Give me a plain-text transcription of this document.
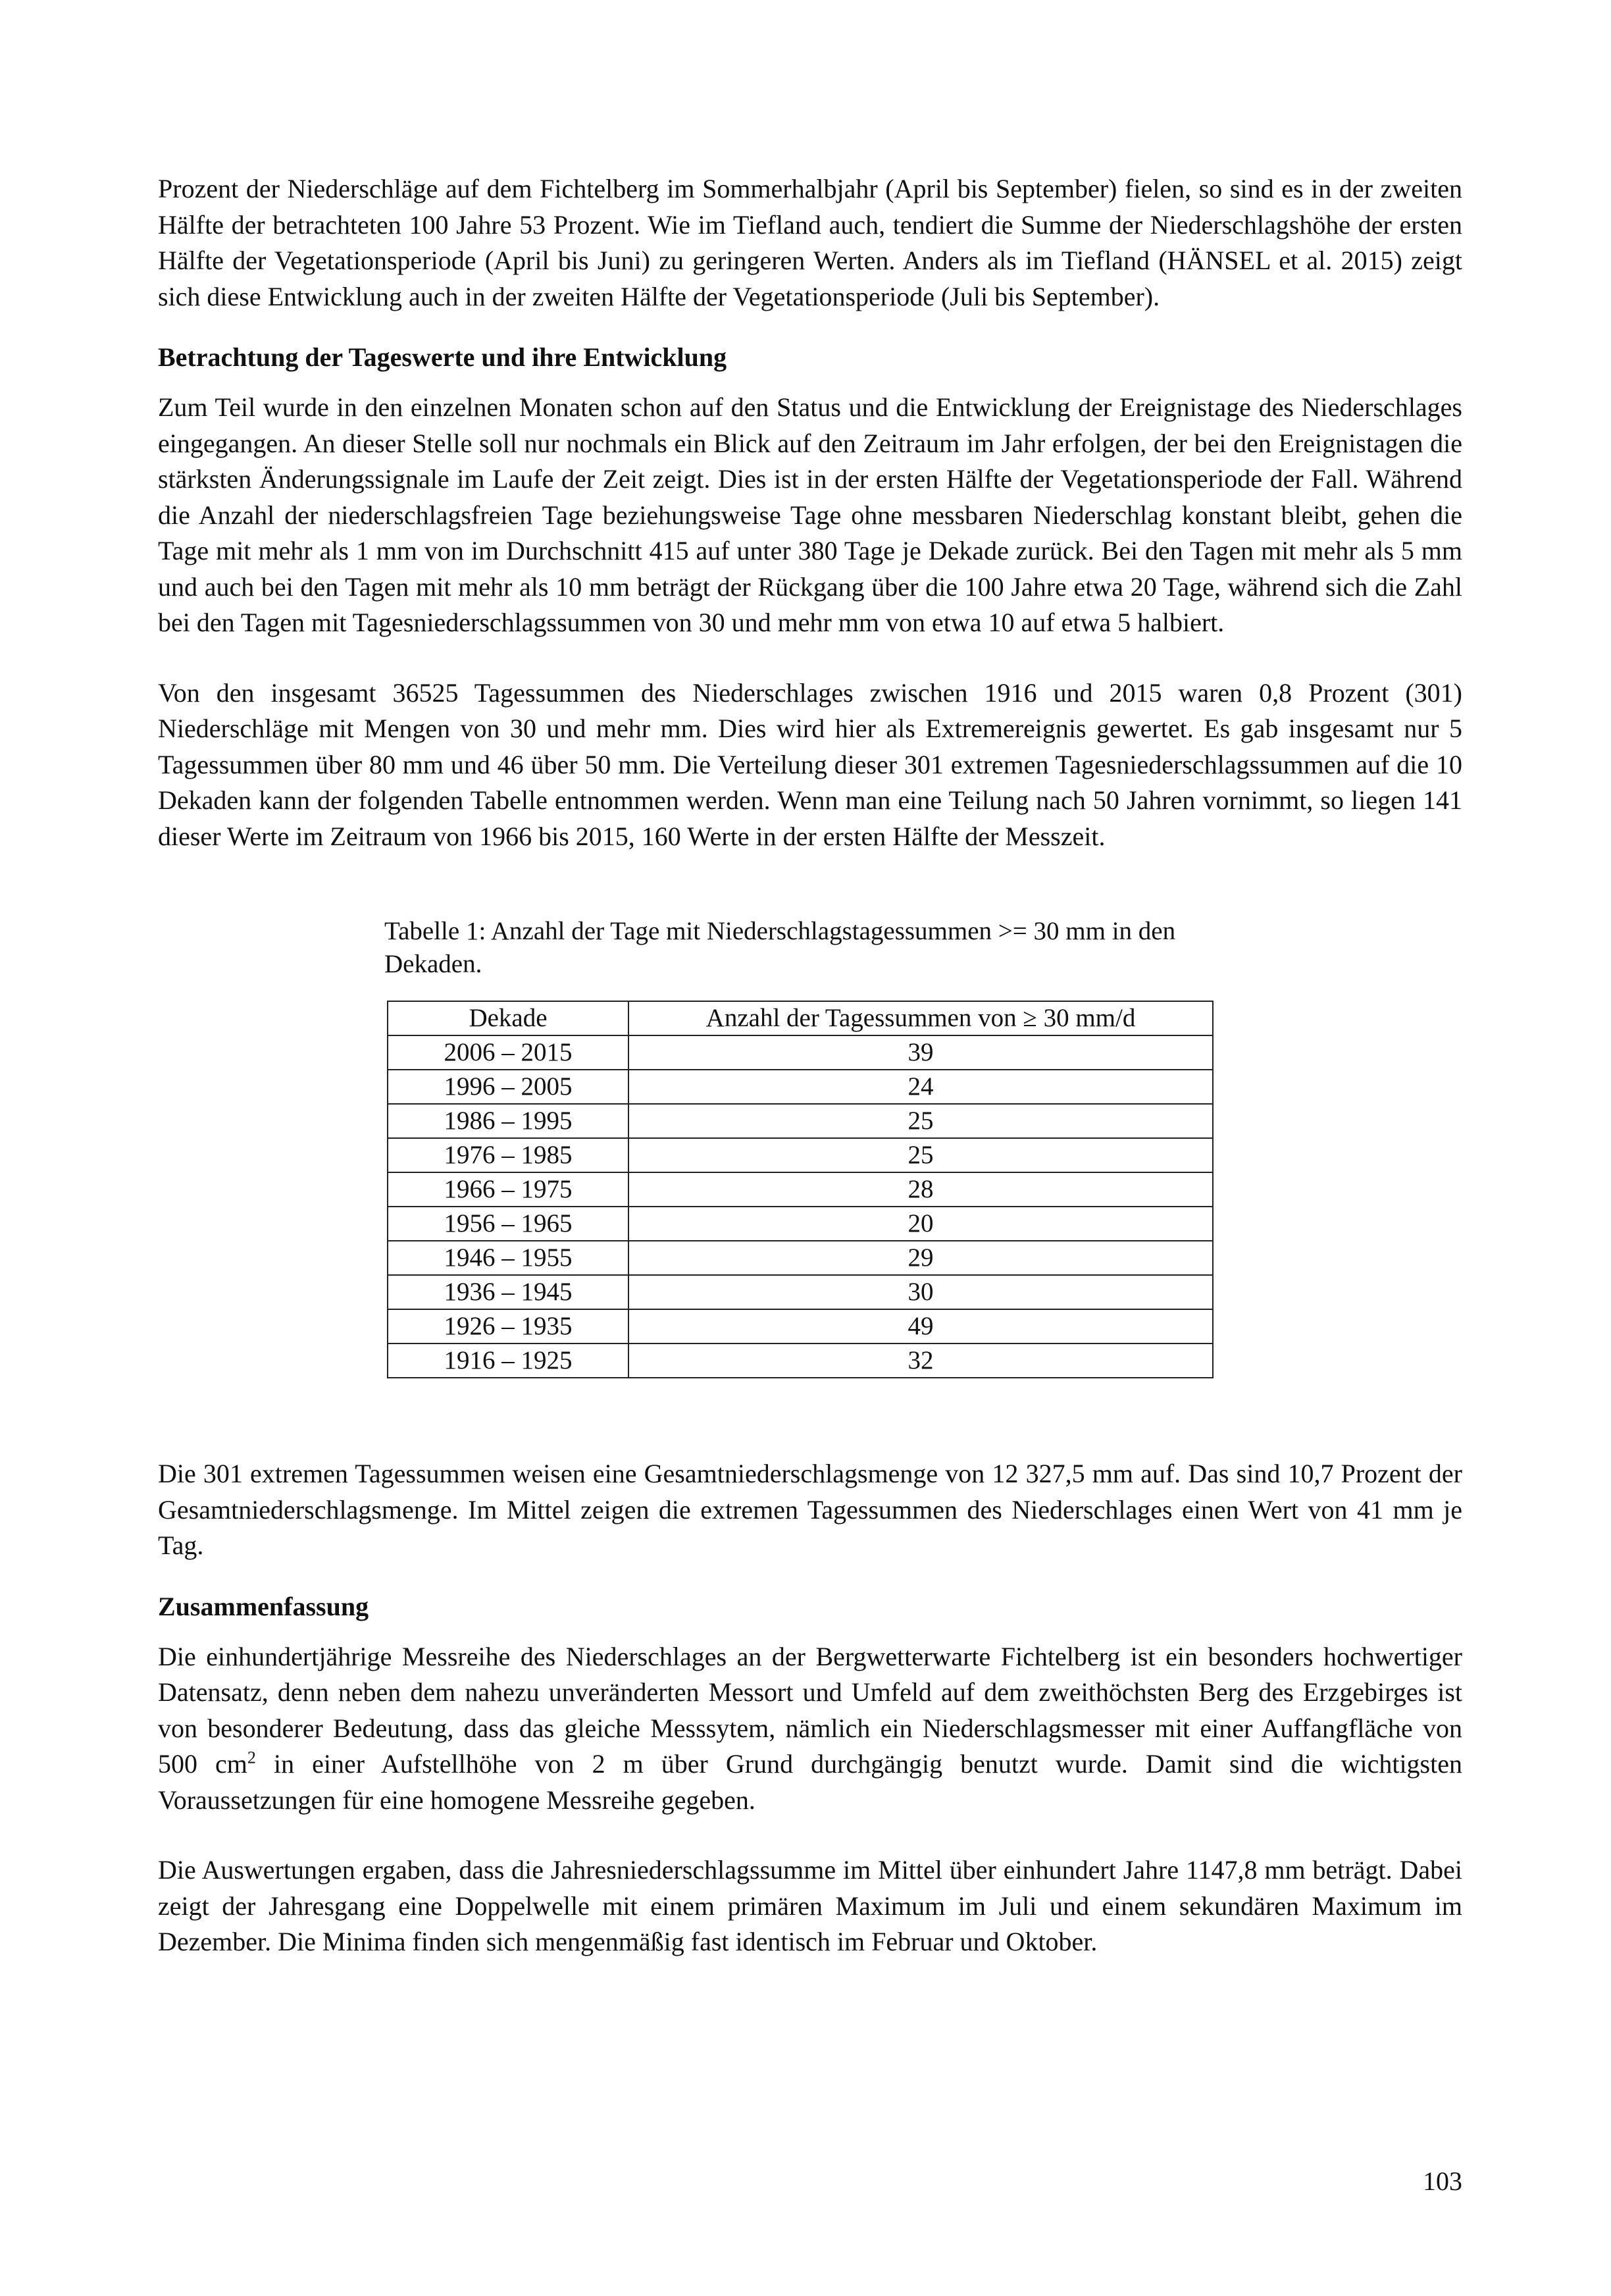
Prozent der Niederschläge auf dem Fichtelberg im Sommerhalbjahr (April bis September) fielen, so sind es in der zweiten Hälfte der betrachteten 100 Jahre 53 Prozent. Wie im Tiefland auch, tendiert die Summe der Niederschlagshöhe der ersten Hälfte der Vegetationsperiode (April bis Juni) zu geringeren Werten. Anders als im Tiefland (HÄNSEL et al. 2015) zeigt sich diese Entwicklung auch in der zweiten Hälfte der Vegetationsperiode (Juli bis September).

Betrachtung der Tageswerte und ihre Entwicklung

Zum Teil wurde in den einzelnen Monaten schon auf den Status und die Entwicklung der Ereignistage des Niederschlages eingegangen. An dieser Stelle soll nur nochmals ein Blick auf den Zeitraum im Jahr erfolgen, der bei den Ereignistagen die stärksten Änderungssignale im Laufe der Zeit zeigt. Dies ist in der ersten Hälfte der Vegetationsperiode der Fall. Während die Anzahl der niederschlagsfreien Tage beziehungsweise Tage ohne messbaren Niederschlag konstant bleibt, gehen die Tage mit mehr als 1 mm von im Durchschnitt 415 auf unter 380 Tage je Dekade zurück. Bei den Tagen mit mehr als 5 mm und auch bei den Tagen mit mehr als 10 mm beträgt der Rückgang über die 100 Jahre etwa 20 Tage, während sich die Zahl bei den Tagen mit Tagesniederschlagssummen von 30 und mehr mm von etwa 10 auf etwa 5 halbiert.

Von den insgesamt 36525 Tagessummen des Niederschlages zwischen 1916 und 2015 waren 0,8 Prozent (301) Niederschläge mit Mengen von 30 und mehr mm. Dies wird hier als Extremereignis gewertet. Es gab insgesamt nur 5 Tagessummen über 80 mm und 46 über 50 mm. Die Verteilung dieser 301 extremen Tagesniederschlagssummen auf die 10 Dekaden kann der folgenden Tabelle entnommen werden. Wenn man eine Teilung nach 50 Jahren vornimmt, so liegen 141 dieser Werte im Zeitraum von 1966 bis 2015, 160 Werte in der ersten Hälfte der Messzeit.

Tabelle 1: Anzahl der Tage mit Niederschlagstagessummen >= 30 mm in den Dekaden.
Dekade	Anzahl der Tagessummen von ≥ 30 mm/d
2006 – 2015	39
1996 – 2005	24
1986 – 1995	25
1976 – 1985	25
1966 – 1975	28
1956 – 1965	20
1946 – 1955	29
1936 – 1945	30
1926 – 1935	49
1916 – 1925	32

Die 301 extremen Tagessummen weisen eine Gesamtniederschlagsmenge von 12 327,5 mm auf. Das sind 10,7 Prozent der Gesamtniederschlagsmenge. Im Mittel zeigen die extremen Tagessummen des Niederschlages einen Wert von 41 mm je Tag.

Zusammenfassung

Die einhundertjährige Messreihe des Niederschlages an der Bergwetterwarte Fichtelberg ist ein besonders hochwertiger Datensatz, denn neben dem nahezu unveränderten Messort und Umfeld auf dem zweithöchsten Berg des Erzgebirges ist von besonderer Bedeutung, dass das gleiche Messsytem, nämlich ein Niederschlagsmesser mit einer Auffangfläche von 500 $cm^2$ in einer Aufstellhöhe von 2 m über Grund durchgängig benutzt wurde. Damit sind die wichtigsten Voraussetzungen für eine homogene Messreihe gegeben.

Die Auswertungen ergaben, dass die Jahresniederschlagssumme im Mittel über einhundert Jahre 1147,8 mm beträgt. Dabei zeigt der Jahresgang eine Doppelwelle mit einem primären Maximum im Juli und einem sekundären Maximum im Dezember. Die Minima finden sich mengenmäßig fast identisch im Februar und Oktober.

103
